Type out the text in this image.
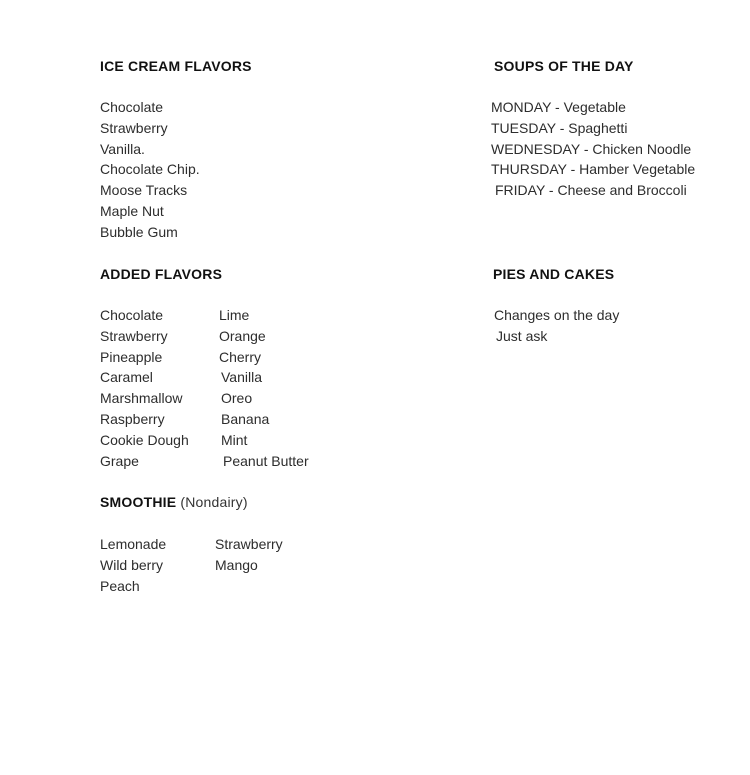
ICE CREAM FLAVORS
Chocolate
Strawberry
Vanilla.
Chocolate Chip.
Moose Tracks
Maple Nut
Bubble Gum
SOUPS OF THE DAY
MONDAY - Vegetable
TUESDAY - Spaghetti
WEDNESDAY - Chicken Noodle
THURSDAY - Hamber Vegetable
FRIDAY - Cheese and Broccoli
ADDED FLAVORS
Chocolate
Strawberry
Pineapple
Caramel
Marshmallow
Raspberry
Cookie Dough
Grape
Lime
Orange
Cherry
Vanilla
Oreo
Banana
Mint
Peanut Butter
PIES AND CAKES
Changes on the day
Just ask
SMOOTHIE (Nondairy)
Lemonade
Wild berry
Peach
Strawberry
Mango
